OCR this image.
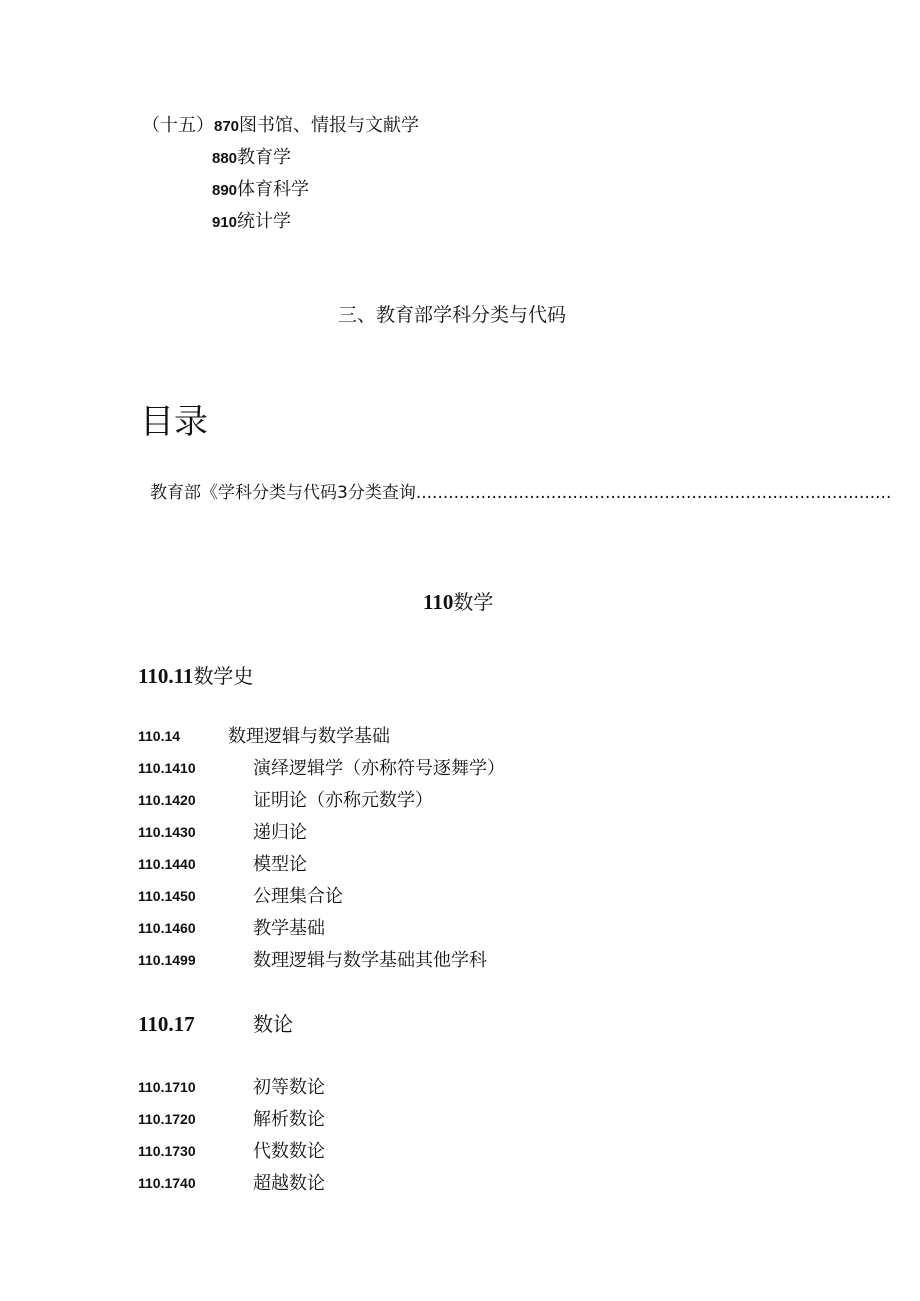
（十五）870图书馆、情报与文献学
880教育学
890体育科学
910统计学
三、教育部学科分类与代码
目录
教育部《学科分类与代码3分类查询........................................................................................
110数学
110.11数学史
110.14	数理逻辑与数学基础
110.1410	演绎逻辑学（亦称符号逐舞学）
110.1420	证明论（亦称元数学）
110.1430	递归论
110.1440	模型论
110.1450	公理集合论
110.1460	教学基础
110.1499	数理逻辑与数学基础其他学科
110.17	数论
110.1710	初等数论
110.1720	解析数论
110.1730	代数数论
110.1740	超越数论
